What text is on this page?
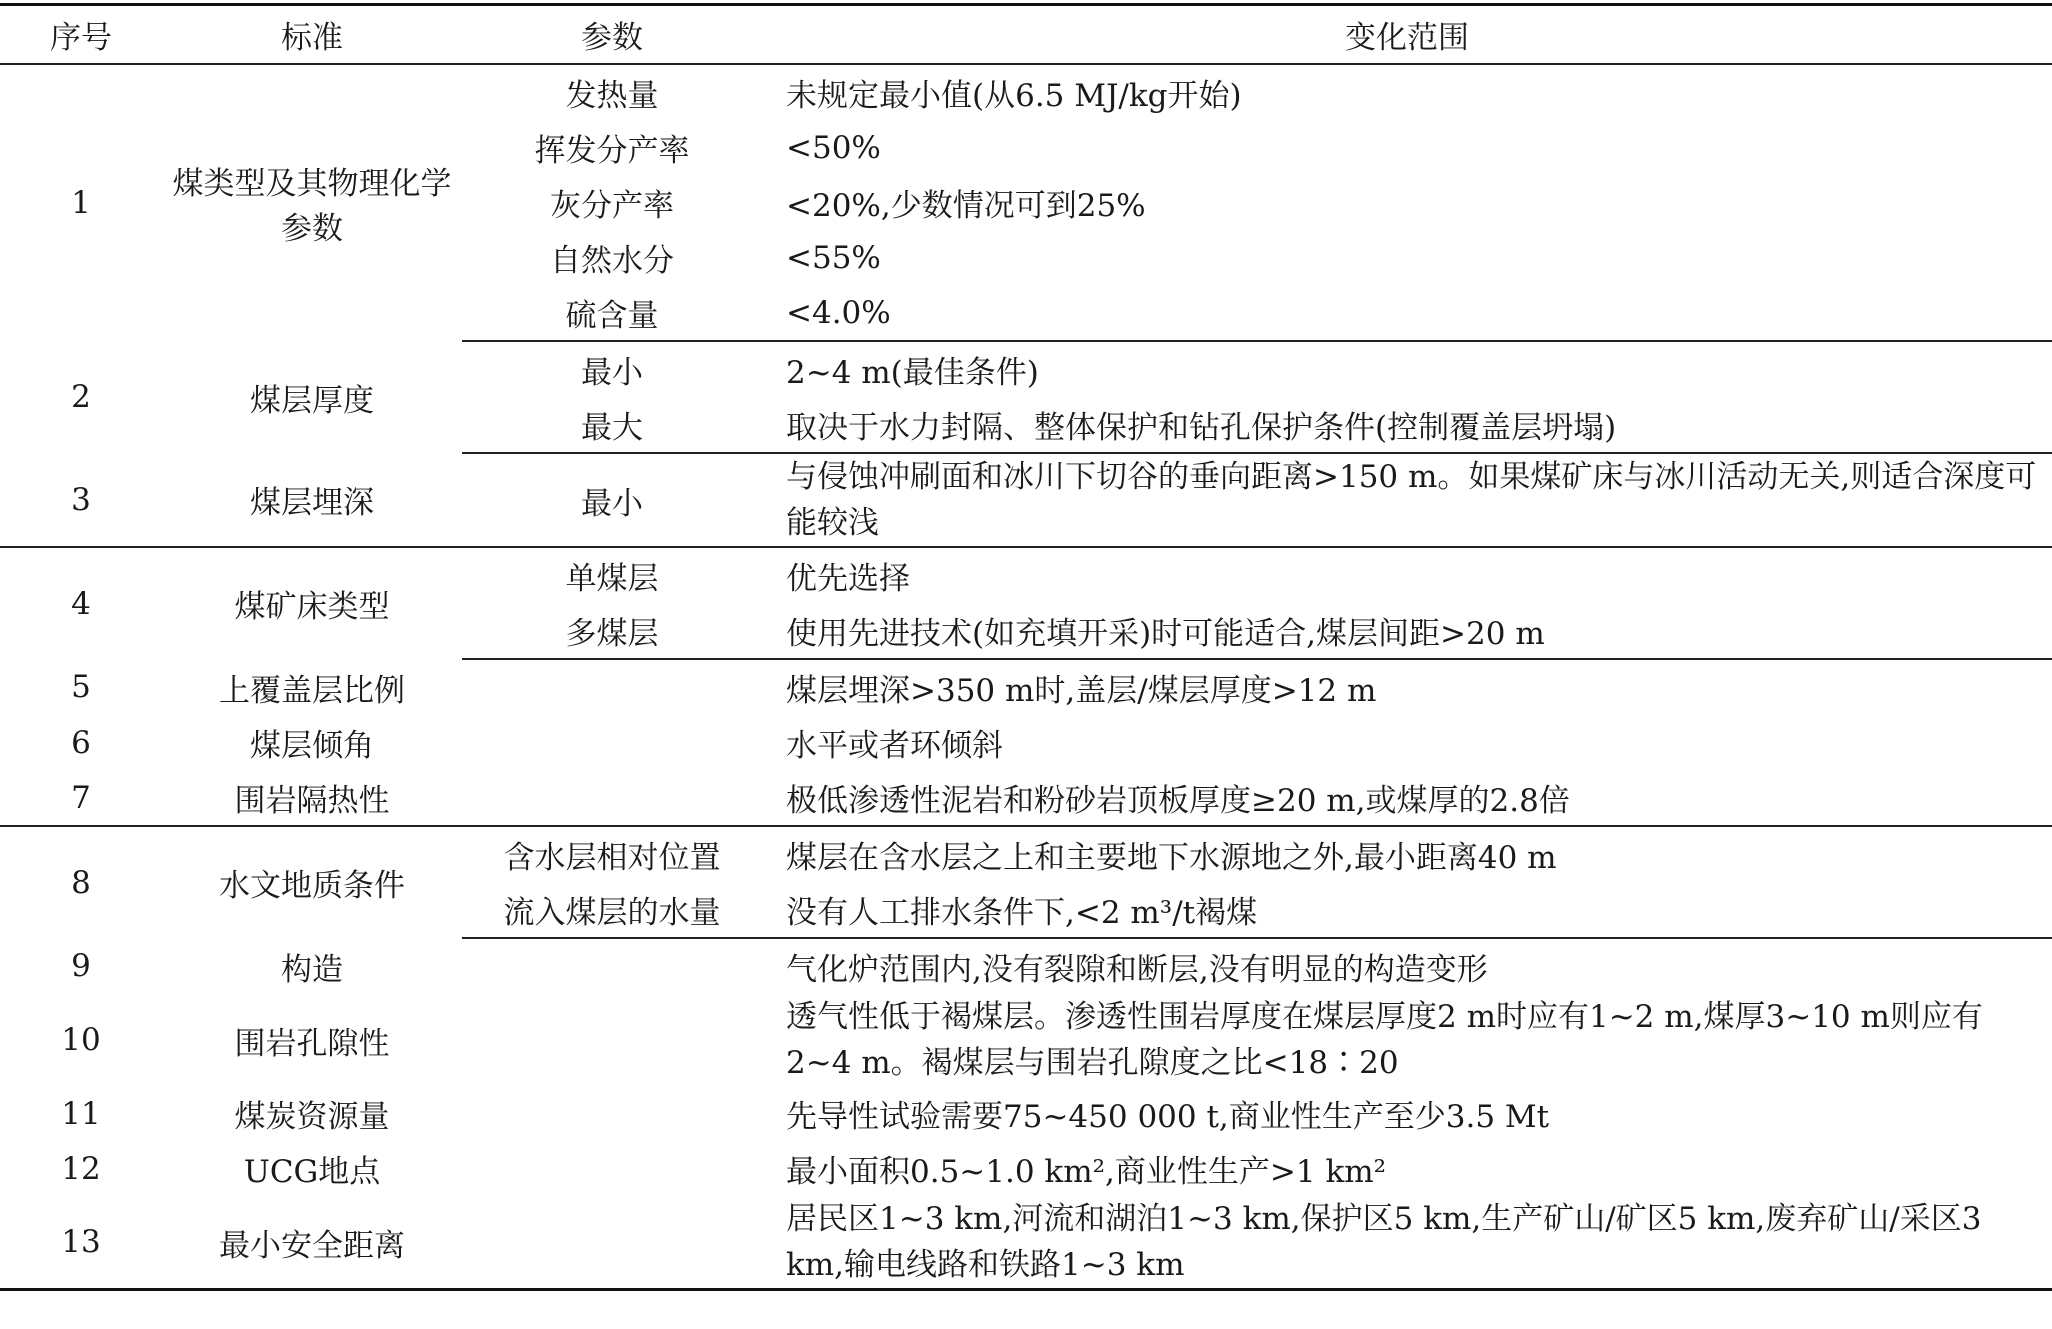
序号	标准	参数	变化范围
1	煤类型及其物理化学参数	发热量	未规定最小值(从6.5 MJ/kg开始)
		挥发分产率	<50%
		灰分产率	<20%,少数情况可到25%
		自然水分	<55%
		硫含量	<4.0%
2	煤层厚度	最小	2~4 m(最佳条件)
		最大	取决于水力封隔、整体保护和钻孔保护条件(控制覆盖层坍塌)
3	煤层埋深	最小	与侵蚀冲刷面和冰川下切谷的垂向距离>150 m。如果煤矿床与冰川活动无关,则适合深度可能较浅
4	煤矿床类型	单煤层	优先选择
		多煤层	使用先进技术(如充填开采)时可能适合,煤层间距>20 m
5	上覆盖层比例		煤层埋深>350 m时,盖层/煤层厚度>12 m
6	煤层倾角		水平或者环倾斜
7	围岩隔热性		极低渗透性泥岩和粉砂岩顶板厚度≥20 m,或煤厚的2.8倍
8	水文地质条件	含水层相对位置	煤层在含水层之上和主要地下水源地之外,最小距离40 m
		流入煤层的水量	没有人工排水条件下,<2 m³/t褐煤
9	构造		气化炉范围内,没有裂隙和断层,没有明显的构造变形
10	围岩孔隙性		透气性低于褐煤层。渗透性围岩厚度在煤层厚度2 m时应有1~2 m,煤厚3~10 m则应有2~4 m。褐煤层与围岩孔隙度之比<18∶20
11	煤炭资源量		先导性试验需要75~450 000 t,商业性生产至少3.5 Mt
12	UCG地点		最小面积0.5~1.0 km²,商业性生产>1 km²
13	最小安全距离		居民区1~3 km,河流和湖泊1~3 km,保护区5 km,生产矿山/矿区5 km,废弃矿山/采区3 km,输电线路和铁路1~3 km
